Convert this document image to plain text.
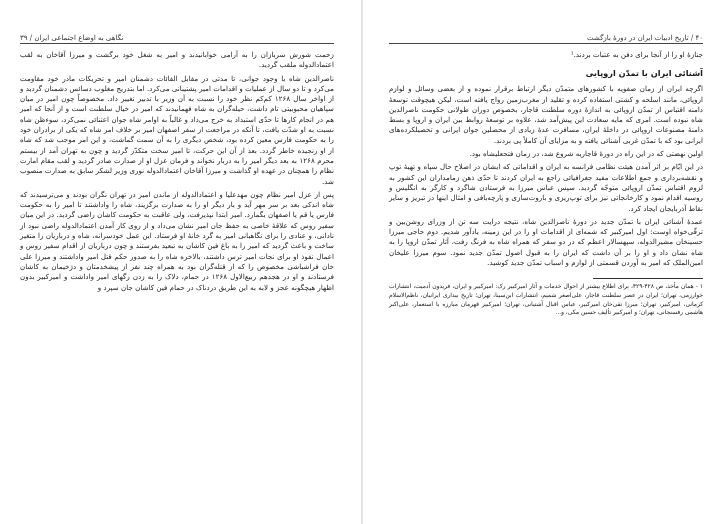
نگاهی به اوضاع اجتماعی ایران / ۳۹

زحمت شورش سربازان را به آرامی خوابانیدند و امیر به شغل خود برگشت و میرزا آقاخان به لقب اعتمادالدوله ملقب گردید.

ناصرالدین شاه با وجود جوانی، تا مدتی در مقابل القائات دشمنان امیر و تحریکات مادر خود مقاومت می‌کرد و تا دو سال از عملیات و اقدامات امیر پشتیبانی می‌کرد. اما بتدریج مغلوب دسائس دشمنان گردید و از اواخر سال ۱۲۶۸ کم‌کم نظر خود را نسبت به آن وزیر با تدبیر تغییر داد. مخصوصاً چون امیر در میان سپاهیان محبوبیتی تام داشت، حیله‌گران به شاه فهمانیدند که امیر در خیال سلطنت است و از آنجا که امیر هم در انجام کارها تا حدّی استبداد به خرج می‌داد و غالباً به اوامر شاه جوان اعتنائی نمی‌کرد، سوءظن شاه نسبت به او شدّت یافت، تا آنکه در مراجعت از سفر اصفهان امیر بر خلاف امر شاه که یکی از برادران خود را به حکومت فارس معین کرده بود، شخص دیگری را به آن سمت گماشت، و این امر موجب شد که شاه از او رنجیده خاطر گردد. بعد از آن این حرکت، تا امیر سخت متکدّر گردید و چون به تهران آمد از بیستم محرم ۱۲۶۸ به بعد دیگر امیر را به دربار نخواند و فرمان عزل او از صدارت صادر گردید و لقب مقام امارت نظام را همچنان در عهده او گذاشت و میرزا آقاخان اعتمادالدوله نوری وزیر لشکر سابق به صدارت منصوب شد.

پس از عزل امیر نظام چون مهدعلیا و اعتمادالدوله از ماندن امیر در تهران نگران بودند و می‌ترسیدند که شاه اندکی بعد بر سر مهر آید و بار دیگر او را به صدارت برگزیند، شاه را واداشتند تا امیر را به حکومت فارس یا قم یا اصفهان بگمارد. امیر ابتدا نپذیرفت، ولی عاقبت به حکومت کاشان راضی گردید. در این میان سفیر روس که علاقهٔ خاصی به حفظ جان امیر نشان می‌داد و از روی کار آمدن اعتمادالدوله راضی نبود از نادانی، و عنادی را برای نگاهبانی امیر به گرد خانهٔ او فرستاد. این عمل خودسرانه، شاه و درباریان را متغیر ساخت و باعث گردید که امیر را به باغ فین کاشان به تبعید بفرستند و چون درباریان از اقدام سفیر روس و اعمال نفوذ او برای نجات امیر ترس داشتند، بالاخره شاه را به صدور حکم قتل امیر واداشتند و میرزا علی خان فراشباشی مخصوص را که از قتله‌گران بود به همراه چند نفر از پیشخدمتان و دژخیمان به کاشان فرستادند و او در هجدهم ربیع‌الاول ۱۲۶۸ در حمام، دلاک را به زدن رگهای امیر واداشت و امیرکبیر بدون اظهار هیچگونه عجز و لابه به این طریق دردناک در حمام فین کاشان جان سپرد و

۴۰ / تاریخ ادبیات ایران در دورهٔ بازگشت

جنازهٔ او را از آنجا برای دفن به عتبات بردند.¹

آشنائی ایران با تمدّن اروپایی

اگرچه ایران از زمان صفویه با کشورهای متمدّن دیگر ارتباط برقرار نموده و از بعضی وسائل و لوازم اروپائی، مانند اسلحه و کشتی استفاده کرده و تقلید از مغرب‌زمین رواج یافته است، لیکن هیچوقت توسعهٔ دامنه اقتباس از تمدّن اروپائی به اندازهٔ دوره سلطنت قاجار، بخصوص دوران طولانی حکومت ناصرالدین شاه نبوده است. امری که مایه سعادت این پیش‌آمد شد، علاوه بر توسعهٔ روابط بین ایران و اروپا و بسط دامنهٔ مصنوعات اروپائی در داخلهٔ ایران، مسافرت عدهٔ زیادی از محصلین جوان ایرانی و تحصیلکرده‌های ایرانی بود که با تمدّن غربی آشنائی یافته و به مزایای آن کاملاً پی بردند.

اولین نهضتی که در این راه در دورهٔ قاجاریه شروع شد، در زمان فتحعلیشاه بود.

در این ایّام بر اثر آمدن هیئت نظامی فرانسه به ایران و اقداماتی که ایشان در اصلاح حال سپاه و تهیهٔ توپ و نقشه‌برداری و جمع اطلاعات مفید جغرافیائی راجع به ایران کردند تا حدّی ذهن زمامداران این کشور به لزوم اقتباس تمدّن اروپائی متوجّه گردید. سپس عباس میرزا به فرستادن شاگرد و کارگر به انگلیس و روسیه اقدام نمود و کارخانجاتی نیز برای توپ‌ریزی و باروت‌سازی و پارچه‌بافی و امثال اینها در تبریز و سایر نقاط آذربایجان ایجاد کرد.

عمدهٔ آشنائی ایران با تمدّن جدید در دورهٔ ناصرالدین شاه، نتیجه درایت سه تن از وزرای روشن‌بین و ترقّی‌خواه اوست: اول امیرکبیر که شمه‌ای از اقدامات او را در این زمینه، یادآور شدیم. دوم حاجی میرزا حسینخان مشیرالدوله، سپهسالار اعظم که در دو سفر که همراه شاه به فرنگ رفت، آثار تمدّن اروپا را به شاه نشان داد و او را بر آن داشت که ایران را به قبول اصول تمدّن جدید نمود. سوم میرزا علیخان امین‌الملک که امیر به آوردن قسمتی از لوازم و اسباب تمدّن جدید کوشید.

۱ - همان مأخذ، ص ۴۲۸-۴۲۹، برای اطلاع بیشتر از احوال خدمات و آثار امیرکبیر رک: امیرکبیر و ایران، فریدون آدمیت، انتشارات خوارزمی، تهران؛ ایران در عصر سلطنت قاجار، علی‌اصغر شمیم، انتشارات ابن‌سینا، تهران؛ تاریخ بیداری ایرانیان، ناظم‌الاسلام کرمانی، امیرکبیر، تهران؛ میرزا تقی‌خان امیرکبیر، عباس اقبال آشتیانی، تهران؛ امیرکبیر قهرمان مبارزه با استعمار، علی‌اکبر هاشمی رفسنجانی، تهران؛ و امیرکبیر تألیف حسین مکی، و...
